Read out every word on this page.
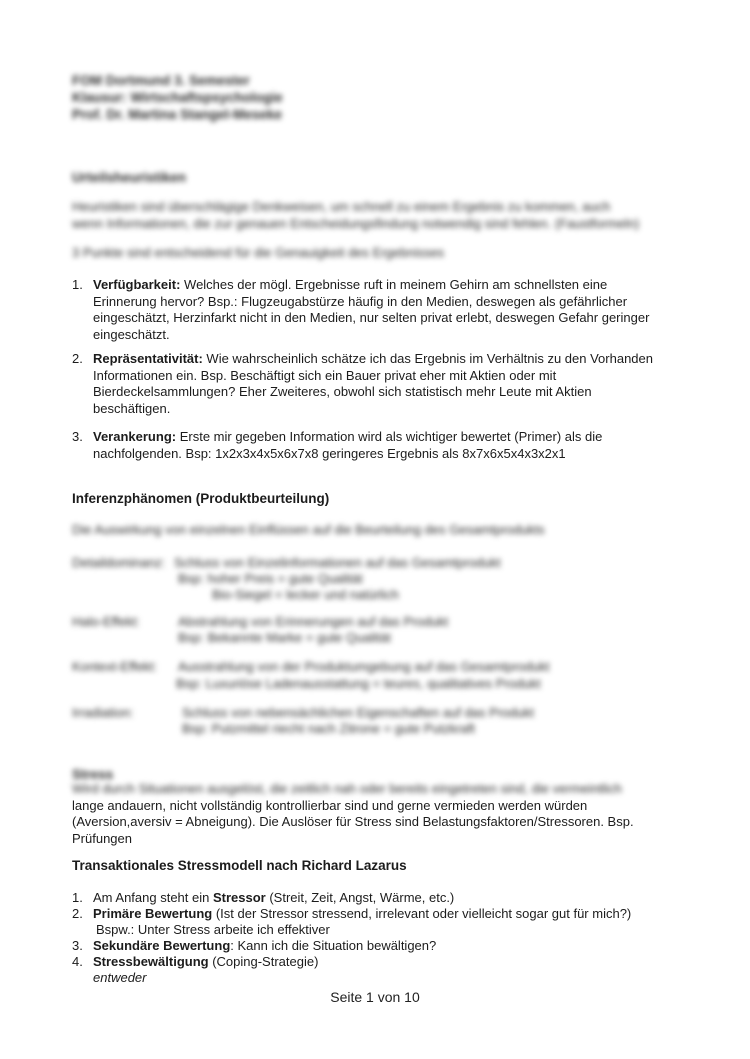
FOM Dortmund 3. Semester
Klausur: Wirtschaftspsychologie
Prof. Dr. Martina Stangel-Meseke
Urteilsheuristiken
Heuristiken sind überschlägige Denkweisen, um schnell zu einem Ergebnis zu kommen, auch
wenn Informationen, die zur genauen Entscheidungsfindung notwendig sind fehlen. (Faustformeln)
3 Punkte sind entscheidend für die Genauigkeit des Ergebnisses
1. Verfügbarkeit: Welches der mögl. Ergebnisse ruft in meinem Gehirn am schnellsten eine Erinnerung hervor? Bsp.: Flugzeugabstürze häufig in den Medien, deswegen als gefährlicher eingeschätzt, Herzinfarkt nicht in den Medien, nur selten privat erlebt, deswegen Gefahr geringer eingeschätzt.
2. Repräsentativität: Wie wahrscheinlich schätze ich das Ergebnis im Verhältnis zu den Vorhanden Informationen ein. Bsp. Beschäftigt sich ein Bauer privat eher mit Aktien oder mit Bierdeckelsammlungen? Eher Zweiteres, obwohl sich statistisch mehr Leute mit Aktien beschäftigen.
3. Verankerung: Erste mir gegeben Information wird als wichtiger bewertet (Primer) als die nachfolgenden. Bsp: 1x2x3x4x5x6x7x8 geringeres Ergebnis als 8x7x6x5x4x3x2x1
Inferenzphänomen (Produktbeurteilung)
Die Auswirkung von einzelnen Einflüssen auf die Beurteilung des Gesamtprodukts
Detaildominanz: Schluss von Einzelinformationen auf das Gesamtprodukt
Bsp: hoher Preis = gute Qualität
Bio-Siegel = lecker und natürlich
Halo-Effekt:	Abstrahlung von Erinnerungen auf das Produkt
Bsp: Bekannte Marke = gute Qualität
Kontext-Effekt: Ausstrahlung von der Produktumgebung auf das Gesamtprodukt
Bsp: Luxuriöse Ladenausstattung = teures, qualitatives Produkt
Irradiation:	Schluss von nebensächlichen Eigenschaften auf das Produkt
Bsp: Putzmittel riecht nach Zitrone = gute Putzkraft
Stress
Wird durch Situationen ausgelöst, die zeitlich nah oder bereits eingetreten sind, die vermeintlich
lange andauern, nicht vollständig kontrollierbar sind und gerne vermieden werden würden
(Aversion,aversiv = Abneigung). Die Auslöser für Stress sind Belastungsfaktoren/Stressoren. Bsp.
Prüfungen
Transaktionales Stressmodell nach Richard Lazarus
1. Am Anfang steht ein Stressor (Streit, Zeit, Angst, Wärme, etc.)
2. Primäre Bewertung (Ist der Stressor stressend, irrelevant oder vielleicht sogar gut für mich?)
Bspw.: Unter Stress arbeite ich effektiver
3. Sekundäre Bewertung: Kann ich die Situation bewältigen?
4. Stressbewältigung (Coping-Strategie)
entweder
Seite 1 von 10
